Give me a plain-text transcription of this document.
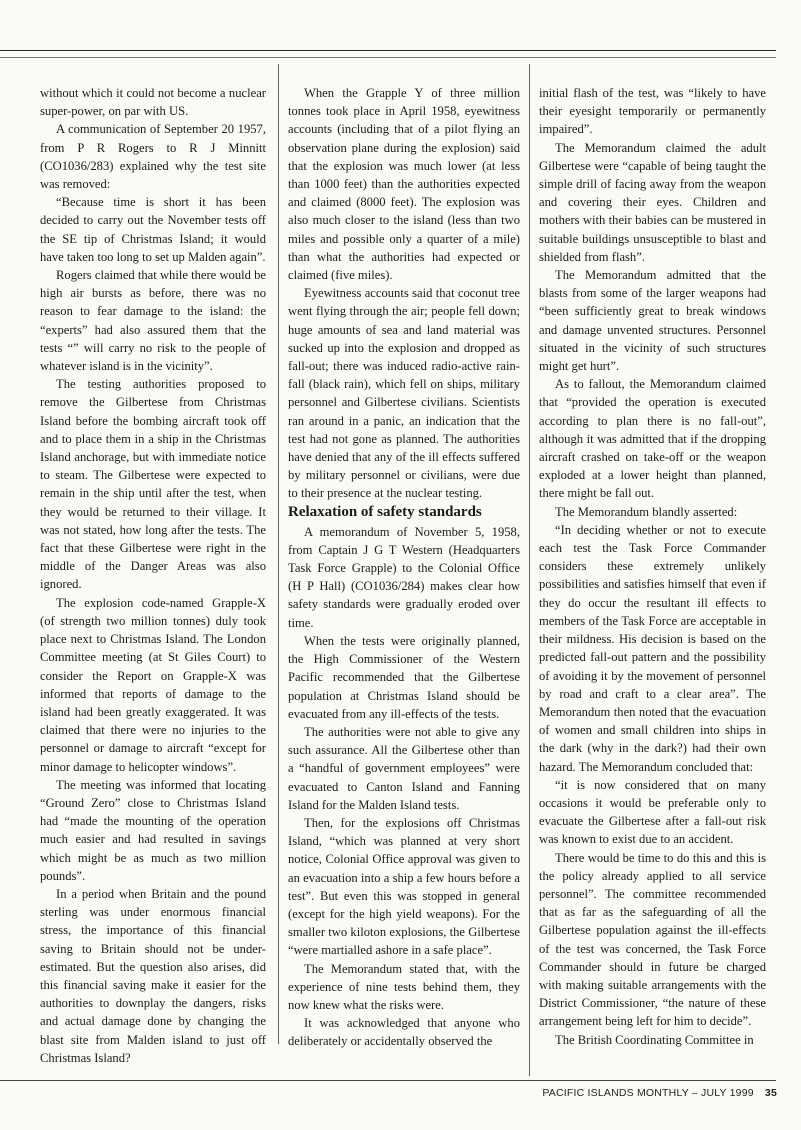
without which it could not become a nuclear super-power, on par with US.

A communication of September 20 1957, from P R Rogers to R J Minnitt (CO1036/283) explained why the test site was removed:

“Because time is short it has been decided to carry out the November tests off the SE tip of Christmas Island; it would have taken too long to set up Malden again”.

Rogers claimed that while there would be high air bursts as before, there was no reason to fear damage to the island: the “experts” had also assured them that the tests “” will carry no risk to the people of whatever island is in the vicinity”.

The testing authorities proposed to remove the Gilbertese from Christmas Island before the bombing aircraft took off and to place them in a ship in the Christmas Island anchorage, but with immediate notice to steam. The Gilbertese were expected to remain in the ship until after the test, when they would be returned to their village. It was not stated, how long after the tests. The fact that these Gilbertese were right in the middle of the Danger Areas was also ignored.

The explosion code-named Grapple-X (of strength two million tonnes) duly took place next to Christmas Island. The London Committee meeting (at St Giles Court) to consider the Report on Grapple-X was informed that reports of damage to the island had been greatly exaggerated. It was claimed that there were no injuries to the personnel or damage to aircraft “except for minor damage to helicopter windows”.

The meeting was informed that locating “Ground Zero” close to Christmas Island had “made the mounting of the operation much easier and had resulted in savings which might be as much as two million pounds”.

In a period when Britain and the pound sterling was under enormous financial stress, the importance of this financial saving to Britain should not be under-estimated. But the question also arises, did this financial saving make it easier for the authorities to downplay the dangers, risks and actual damage done by changing the blast site from Malden island to just off Christmas Island?

When the Grapple Y of three million tonnes took place in April 1958, eyewitness accounts (including that of a pilot flying an observation plane during the explosion) said that the explosion was much lower (at less than 1000 feet) than the authorities expected and claimed (8000 feet). The explosion was also much closer to the island (less than two miles and possible only a quarter of a mile) than what the authorities had expected or claimed (five miles).

Eyewitness accounts said that coconut tree went flying through the air; people fell down; huge amounts of sea and land material was sucked up into the explosion and dropped as fall-out; there was induced radio-active rain-fall (black rain), which fell on ships, military personnel and Gilbertese civilians. Scientists ran around in a panic, an indication that the test had not gone as planned. The authorities have denied that any of the ill effects suffered by military personnel or civilians, were due to their presence at the nuclear testing.

Relaxation of safety standards

A memorandum of November 5, 1958, from Captain J G T Western (Headquarters Task Force Grapple) to the Colonial Office (H P Hall) (CO1036/284) makes clear how safety standards were gradually eroded over time.

When the tests were originally planned, the High Commissioner of the Western Pacific recommended that the Gilbertese population at Christmas Island should be evacuated from any ill-effects of the tests.

The authorities were not able to give any such assurance. All the Gilbertese other than a “handful of government employees” were evacuated to Canton Island and Fanning Island for the Malden Island tests.

Then, for the explosions off Christmas Island, “which was planned at very short notice, Colonial Office approval was given to an evacuation into a ship a few hours before a test”. But even this was stopped in general (except for the high yield weapons). For the smaller two kiloton explosions, the Gilbertese “were martialled ashore in a safe place”.

The Memorandum stated that, with the experience of nine tests behind them, they now knew what the risks were.

It was acknowledged that anyone who deliberately or accidentally observed the

initial flash of the test, was “likely to have their eyesight temporarily or permanently impaired”.

The Memorandum claimed the adult Gilbertese were “capable of being taught the simple drill of facing away from the weapon and covering their eyes. Children and mothers with their babies can be mustered in suitable buildings unsusceptible to blast and shielded from flash”.

The Memorandum admitted that the blasts from some of the larger weapons had “been sufficiently great to break windows and damage unvented structures. Personnel situated in the vicinity of such structures might get hurt”.

As to fallout, the Memorandum claimed that “provided the operation is executed according to plan there is no fall-out”, although it was admitted that if the dropping aircraft crashed on take-off or the weapon exploded at a lower height than planned, there might be fall out.

The Memorandum blandly asserted:

“In deciding whether or not to execute each test the Task Force Commander considers these extremely unlikely possibilities and satisfies himself that even if they do occur the resultant ill effects to members of the Task Force are acceptable in their mildness. His decision is based on the predicted fall-out pattern and the possibility of avoiding it by the movement of personnel by road and craft to a clear area”. The Memorandum then noted that the evacuation of women and small children into ships in the dark (why in the dark?) had their own hazard. The Memorandum concluded that:

“it is now considered that on many occasions it would be preferable only to evacuate the Gilbertese after a fall-out risk was known to exist due to an accident.

There would be time to do this and this is the policy already applied to all service personnel”. The committee recommended that as far as the safeguarding of all the Gilbertese population against the ill-effects of the test was concerned, the Task Force Commander should in future be charged with making suitable arrangements with the District Commissioner, “the nature of these arrangement being left for him to decide”.

The British Coordinating Committee in

PACIFIC ISLANDS MONTHLY – JULY 1999 35
